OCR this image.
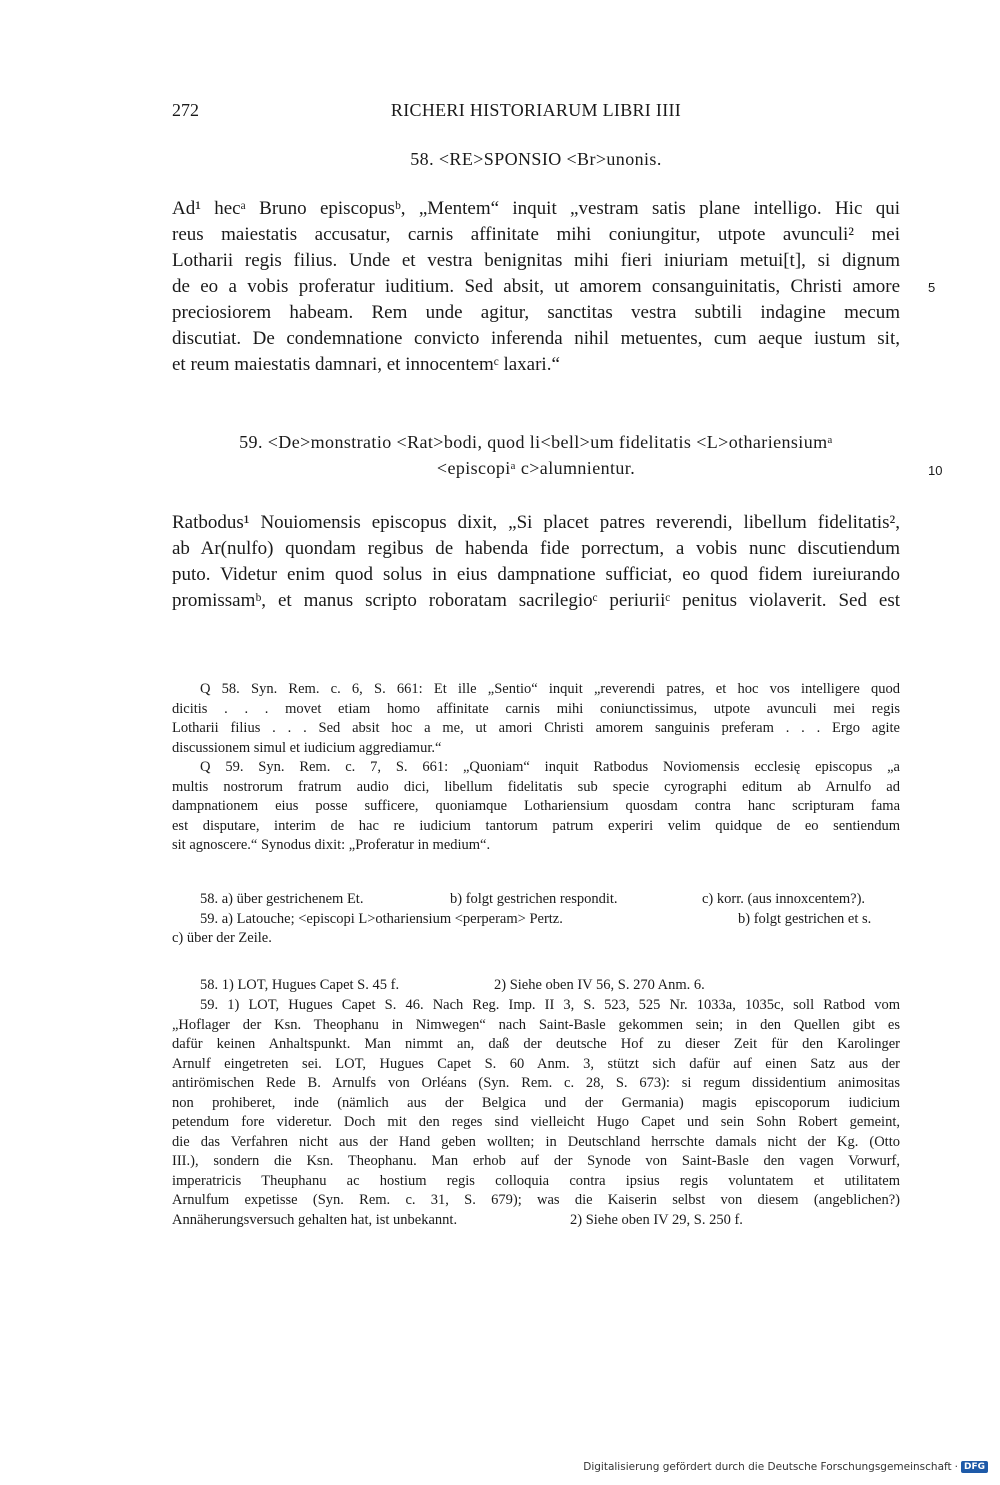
272	RICHERI HISTORIARUM LIBRI IIII
58. <RE>SPONSIO <Br>unonis.
Ad¹ hecᵃ Bruno episcopusᵇ, „Mentem“ inquit „vestram satis plane intelligo. Hic qui
reus maiestatis accusatur, carnis affinitate mihi coniungitur, utpote avunculi² mei
Lotharii regis filius. Unde et vestra benignitas mihi fieri iniuriam metui[t], si dignum
de eo a vobis proferatur iuditium. Sed absit, ut amorem consanguinitatis, Christi amore
preciosiorem habeam. Rem unde agitur, sanctitas vestra subtili indagine mecum
discutiat. De condemnatione convicto inferenda nihil metuentes, cum aeque iustum sit,
et reum maiestatis damnari, et innocentemᶜ laxari.“
5
59. <De>monstratio <Rat>bodi, quod li<bell>um fidelitatis <L>othariensiumᵃ
<episcopiᵃ c>alumnientur.	10
Ratbodus¹ Nouiomensis episcopus dixit, „Si placet patres reverendi, libellum fidelitatis²,
ab Ar(nulfo) quondam regibus de habenda fide porrectum, a vobis nunc discutiendum
puto. Videtur enim quod solus in eius dampnatione sufficiat, eo quod fidem iureiurando
promissamᵇ, et manus scripto roboratam sacrilegioᶜ periuriiᶜ penitus violaverit. Sed est
Q 58. Syn. Rem. c. 6, S. 661: Et ille „Sentio“ inquit „reverendi patres, et hoc vos intelligere quod
dicitis . . . movet etiam homo affinitate carnis mihi coniunctissimus, utpote avunculi mei regis
Lotharii filius . . . Sed absit hoc a me, ut amori Christi amorem sanguinis preferam . . . Ergo agite
discussionem simul et iudicium aggrediamur.“
Q 59. Syn. Rem. c. 7, S. 661: „Quoniam“ inquit Ratbodus Noviomensis ecclesię episcopus „a
multis nostrorum fratrum audio dici, libellum fidelitatis sub specie cyrographi editum ab Arnulfo ad
dampnationem eius posse sufficere, quoniamque Lothariensium quosdam contra hanc scripturam fama
est disputare, interim de hac re iudicium tantorum patrum experiri velim quidque de eo sentiendum
sit agnoscere.“ Synodus dixit: „Proferatur in medium“.
58. a) über gestrichenem Et.	b) folgt gestrichen respondit.	c) korr. (aus innoxcentem?).
59. a) Latouche; <episcopi L>othariensium <perperam> Pertz.	b) folgt gestrichen et s.
c) über der Zeile.
58. 1) LOT, Hugues Capet S. 45 f.	2) Siehe oben IV 56, S. 270 Anm. 6.
59. 1) LOT, Hugues Capet S. 46. Nach Reg. Imp. II 3, S. 523, 525 Nr. 1033a, 1035c, soll Ratbod vom
„Hoflager der Ksn. Theophanu in Nimwegen“ nach Saint-Basle gekommen sein; in den Quellen gibt es
dafür keinen Anhaltspunkt. Man nimmt an, daß der deutsche Hof zu dieser Zeit für den Karolinger
Arnulf eingetreten sei. LOT, Hugues Capet S. 60 Anm. 3, stützt sich dafür auf einen Satz aus der
antirömischen Rede B. Arnulfs von Orléans (Syn. Rem. c. 28, S. 673): si regum dissidentium animositas
non prohiberet, inde (nämlich aus der Belgica und der Germania) magis episcoporum iudicium
petendum fore videretur. Doch mit den reges sind vielleicht Hugo Capet und sein Sohn Robert gemeint,
die das Verfahren nicht aus der Hand geben wollten; in Deutschland herrschte damals nicht der Kg. (Otto
III.), sondern die Ksn. Theophanu. Man erhob auf der Synode von Saint-Basle den vagen Vorwurf,
imperatricis Theuphanu ac hostium regis colloquia contra ipsius regis voluntatem et utilitatem
Arnulfum expetisse (Syn. Rem. c. 31, S. 679); was die Kaiserin selbst von diesem (angeblichen?)
Annäherungsversuch gehalten hat, ist unbekannt.	2) Siehe oben IV 29, S. 250 f.
Digitalisierung gefördert durch die Deutsche Forschungsgemeinschaft · DFG
